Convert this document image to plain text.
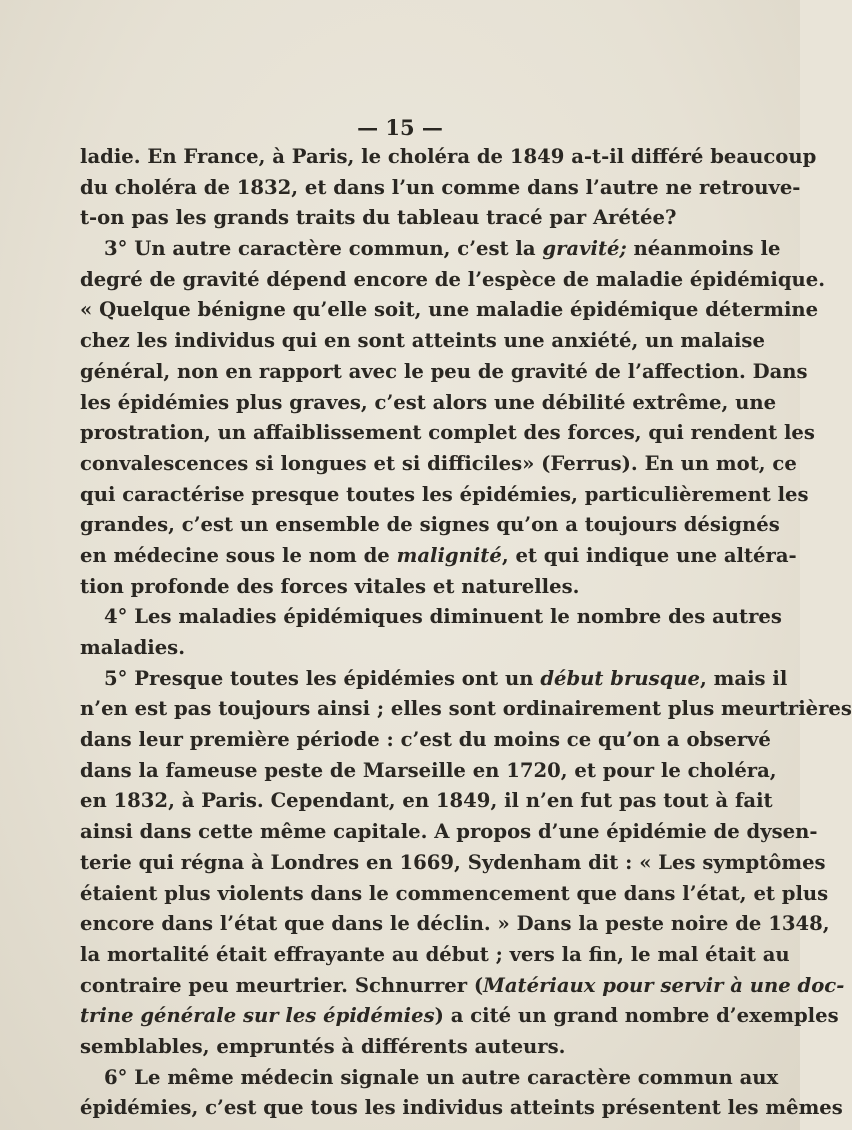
— 15 —
ladie. En France, à Paris, le choléra de 1849 a-t-il différé beaucoup
du choléra de 1832, et dans l’un comme dans l’autre ne retrouve-
t-on pas les grands traits du tableau tracé par Arétée?
3° Un autre caractère commun, c’est la gravité; néanmoins le
degré de gravité dépend encore de l’espèce de maladie épidémique.
« Quelque bénigne qu’elle soit, une maladie épidémique détermine
chez les individus qui en sont atteints une anxiété, un malaise
général, non en rapport avec le peu de gravité de l’affection. Dans
les épidémies plus graves, c’est alors une débilité extrême, une
prostration, un affaiblissement complet des forces, qui rendent les
convalescences si longues et si difficiles» (Ferrus). En un mot, ce
qui caractérise presque toutes les épidémies, particulièrement les
grandes, c’est un ensemble de signes qu’on a toujours désignés
en médecine sous le nom de malignité, et qui indique une altéra-
tion profonde des forces vitales et naturelles.
4° Les maladies épidémiques diminuent le nombre des autres
maladies.
5° Presque toutes les épidémies ont un début brusque, mais il
n’en est pas toujours ainsi ; elles sont ordinairement plus meurtrières
dans leur première période : c’est du moins ce qu’on a observé
dans la fameuse peste de Marseille en 1720, et pour le choléra,
en 1832, à Paris. Cependant, en 1849, il n’en fut pas tout à fait
ainsi dans cette même capitale. A propos d’une épidémie de dysen-
terie qui régna à Londres en 1669, Sydenham dit : « Les symptômes
étaient plus violents dans le commencement que dans l’état, et plus
encore dans l’état que dans le déclin. » Dans la peste noire de 1348,
la mortalité était effrayante au début ; vers la fin, le mal était au
contraire peu meurtrier. Schnurrer (Matériaux pour servir à une doc-
trine générale sur les épidémies) a cité un grand nombre d’exemples
semblables, empruntés à différents auteurs.
6° Le même médecin signale un autre caractère commun aux
épidémies, c’est que tous les individus atteints présentent les mêmes
